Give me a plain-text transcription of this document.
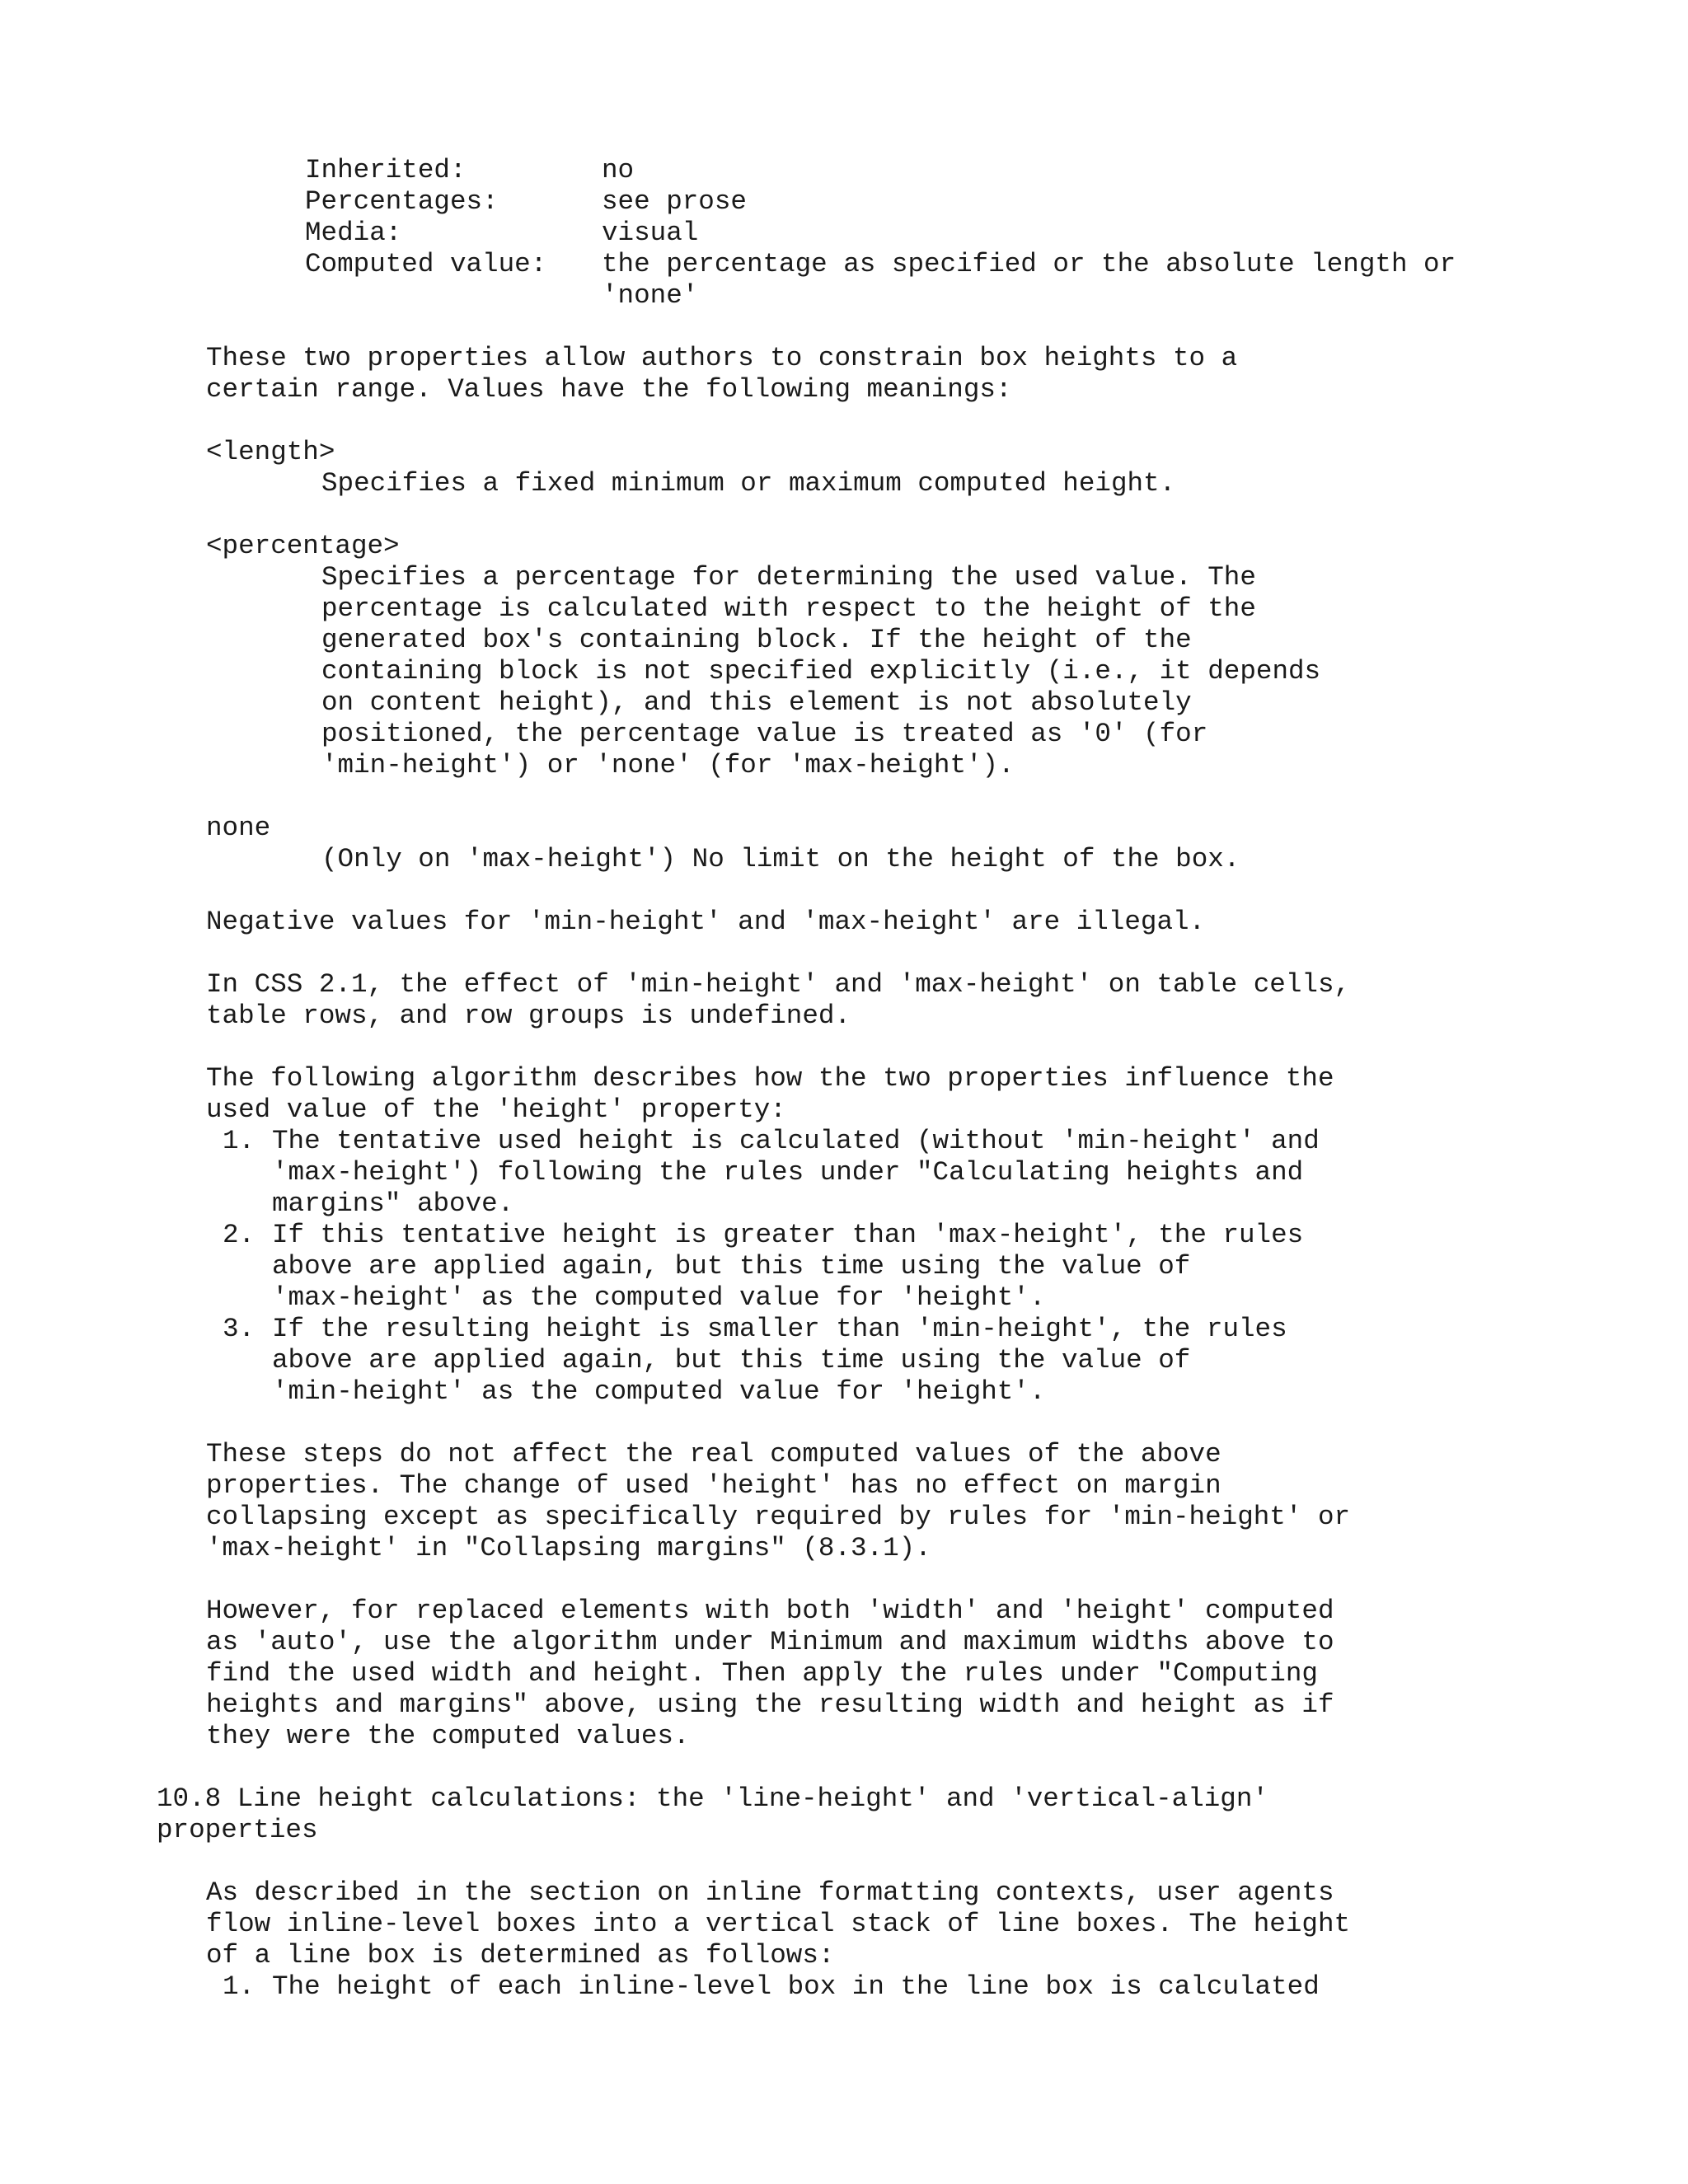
Inherited:	no
Percentages:	see prose
Media:	visual
Computed value: the percentage as specified or the absolute length or
'none'
These two properties allow authors to constrain box heights to a
certain range. Values have the following meanings:
<length>
Specifies a fixed minimum or maximum computed height.
<percentage>
Specifies a percentage for determining the used value. The
percentage is calculated with respect to the height of the
generated box's containing block. If the height of the
containing block is not specified explicitly (i.e., it depends
on content height), and this element is not absolutely
positioned, the percentage value is treated as '0' (for
'min-height') or 'none' (for 'max-height').
none
(Only on 'max-height') No limit on the height of the box.
Negative values for 'min-height' and 'max-height' are illegal.
In CSS 2.1, the effect of 'min-height' and 'max-height' on table cells,
table rows, and row groups is undefined.
The following algorithm describes how the two properties influence the
used value of the 'height' property:
1. The tentative used height is calculated (without 'min-height' and
'max-height') following the rules under "Calculating heights and
margins" above.
2. If this tentative height is greater than 'max-height', the rules
above are applied again, but this time using the value of
'max-height' as the computed value for 'height'.
3. If the resulting height is smaller than 'min-height', the rules
above are applied again, but this time using the value of
'min-height' as the computed value for 'height'.
These steps do not affect the real computed values of the above
properties. The change of used 'height' has no effect on margin
collapsing except as specifically required by rules for 'min-height' or
'max-height' in "Collapsing margins" (8.3.1).
However, for replaced elements with both 'width' and 'height' computed
as 'auto', use the algorithm under Minimum and maximum widths above to
find the used width and height. Then apply the rules under "Computing
heights and margins" above, using the resulting width and height as if
they were the computed values.
10.8 Line height calculations: the 'line-height' and 'vertical-align'
properties
As described in the section on inline formatting contexts, user agents
flow inline-level boxes into a vertical stack of line boxes. The height
of a line box is determined as follows:
1. The height of each inline-level box in the line box is calculated
